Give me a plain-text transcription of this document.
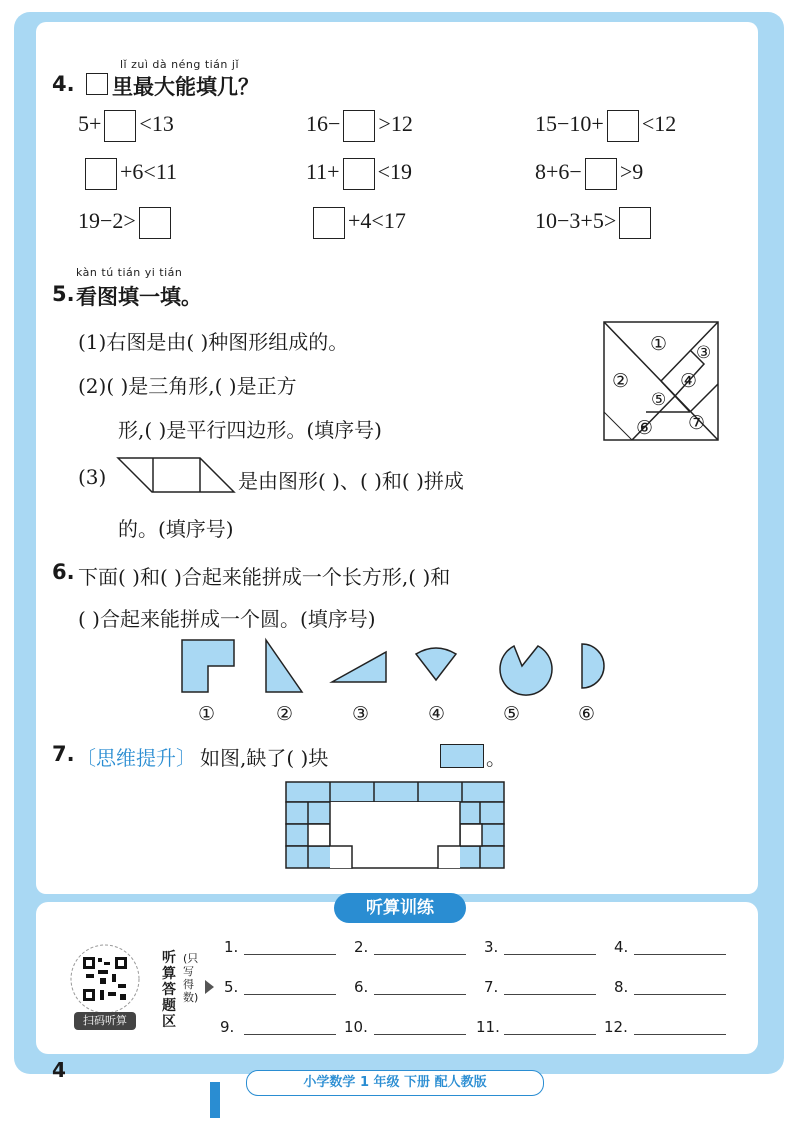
lǐ zuì dà néng tián jǐ
4. 里最大能填几？
5+ <13	16− >12	15−10+ <12
+6<11	11+ <19	8+6− >9
19−2>	+4<17	10−3+5>
kàn tú tián yi tián
5. 看图填一填。
(1)右图是由( )种图形组成的。
(2)( )是三角形,( )是正方
形,( )是平行四边形。(填序号)
(3)	是由图形( )、( )和( )拼成
的。(填序号)
① ③
②	④
⑤
⑥ ⑦
6. 下面( )和( )合起来能拼成一个长方形,( )和
( )合起来能拼成一个圆。(填序号)
①	②	③	④	⑤	⑥
7. 〔思维提升〕 如图,缺了( )块	。
听算训练
扫码听算
听算答题区
(只写得数)
1.	2.	3.	4.
5.	6.	7.	8.
9.	10.	11.	12.
4
小学数学 1 年级 下册 配人教版
